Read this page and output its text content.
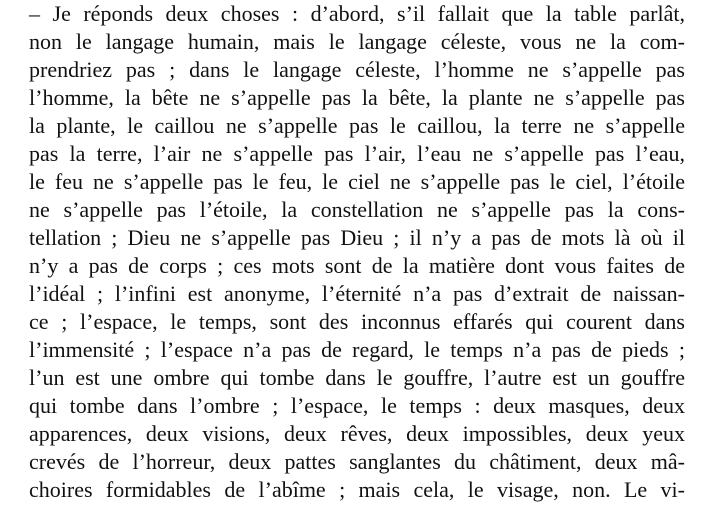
– Je réponds deux choses : d’abord, s’il fallait que la table parlât,
non le langage humain, mais le langage céleste, vous ne la com-
prendriez pas ; dans le langage céleste, l’homme ne s’appelle pas
l’homme, la bête ne s’appelle pas la bête, la plante ne s’appelle pas
la plante, le caillou ne s’appelle pas le caillou, la terre ne s’appelle
pas la terre, l’air ne s’appelle pas l’air, l’eau ne s’appelle pas l’eau,
le feu ne s’appelle pas le feu, le ciel ne s’appelle pas le ciel, l’étoile
ne s’appelle pas l’étoile, la constellation ne s’appelle pas la cons-
tellation ; Dieu ne s’appelle pas Dieu ; il n’y a pas de mots là où il
n’y a pas de corps ; ces mots sont de la matière dont vous faites de
l’idéal ; l’infini est anonyme, l’éternité n’a pas d’extrait de naissan-
ce ; l’espace, le temps, sont des inconnus effarés qui courent dans
l’immensité ; l’espace n’a pas de regard, le temps n’a pas de pieds ;
l’un est une ombre qui tombe dans le gouffre, l’autre est un gouffre
qui tombe dans l’ombre ; l’espace, le temps : deux masques, deux
apparences, deux visions, deux rêves, deux impossibles, deux yeux
crevés de l’horreur, deux pattes sanglantes du châtiment, deux mâ-
choires formidables de l’abîme ; mais cela, le visage, non. Le vi-
